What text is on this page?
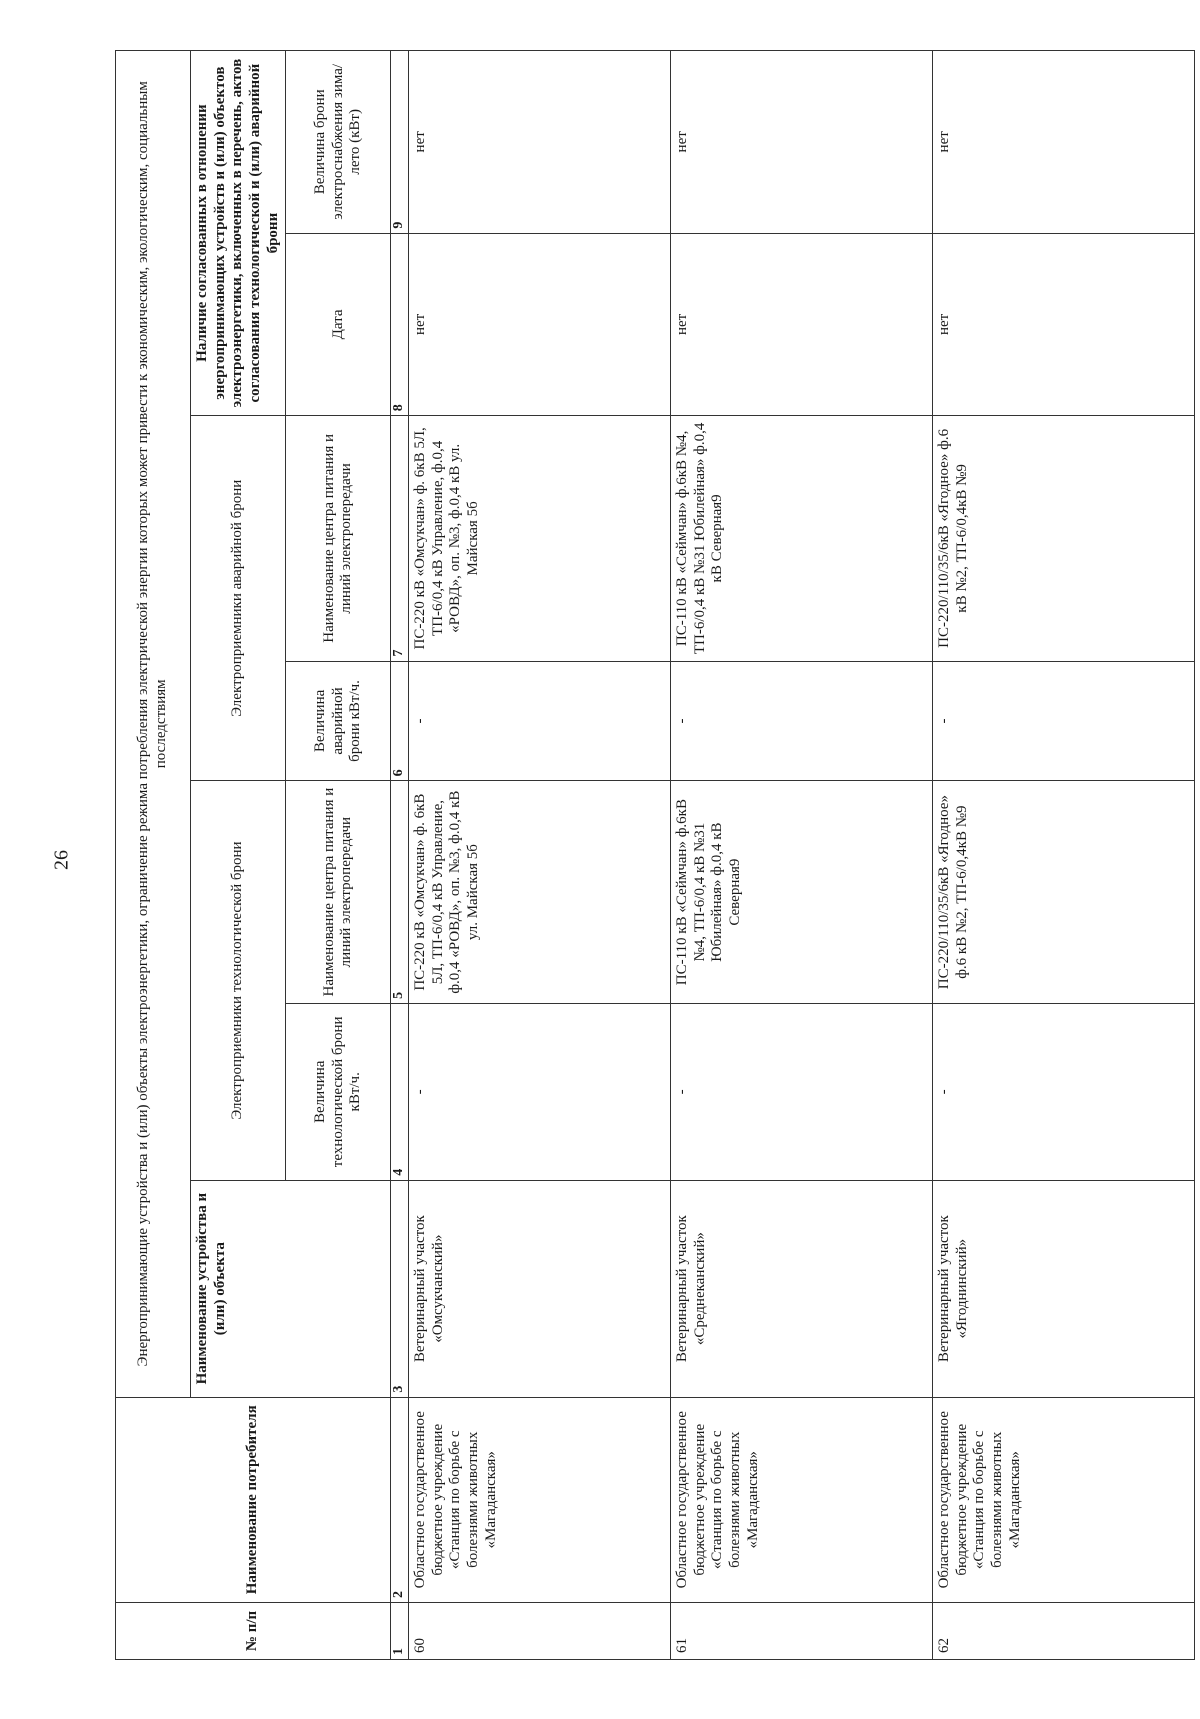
26
№ п/п	Наименование потребителя	Энергопринимающие устройства и (или) объекты электроэнергетики, ограничение режима потребления электрической энергии которых может привести к экономическим, экологическим, социальным последствиям						
		Наименование устройства и (или) объекта	Электроприемники технологической брони		Электроприемники аварийной брони		Наличие согласованных в отношении энергопринимающих устройств и (или) объектов электроэнергетики, включенных в перечень, актов согласования технологической и (или) аварийной брони	
			Величина технологической брони кВт/ч.	Наименование центра питания и линий электропередачи	Величина аварийной брони кВт/ч.	Наименование центра питания и линий электропередачи	Дата	Величина брони электроснабжения зима/лето (кВт)
1	2	3	4	5	6	7	8	9
60	Областное государственное бюджетное учреждение «Станция по борьбе с болезнями животных «Магаданская»	Ветеринарный участок «Омсукчанский»	-	ПС-220 кВ «Омсукчан» ф. 6кВ 5Л, ТП-6/0,4 кВ Управление, ф.0,4 «РОВД», оп. №3, ф.0,4 кВ ул. Майская 5б	-	ПС-220 кВ «Омсукчан» ф. 6кВ 5Л, ТП-6/0,4 кВ Управление, ф.0,4 «РОВД», оп. №3, ф.0,4 кВ ул. Майская 5б	нет	нет
61	Областное государственное бюджетное учреждение «Станция по борьбе с болезнями животных «Магаданская»	Ветеринарный участок «Среднеканский»	-	ПС-110 кВ «Сеймчан» ф.6кВ №4, ТП-6/0,4 кВ №31 Юбилейная» ф.0,4 кВ Северная9	-	ПС-110 кВ «Сеймчан» ф.6кВ №4, ТП-6/0,4 кВ №31 Юбилейная» ф.0,4 кВ Северная9	нет	нет
62	Областное государственное бюджетное учреждение «Станция по борьбе с болезнями животных «Магаданская»	Ветеринарный участок «Ягоднинский»	-	ПС-220/110/35/6кВ «Ягодное» ф.6 кВ №2, ТП-6/0,4кВ №9	-	ПС-220/110/35/6кВ «Ягодное» ф.6 кВ №2, ТП-6/0,4кВ №9	нет	нет
